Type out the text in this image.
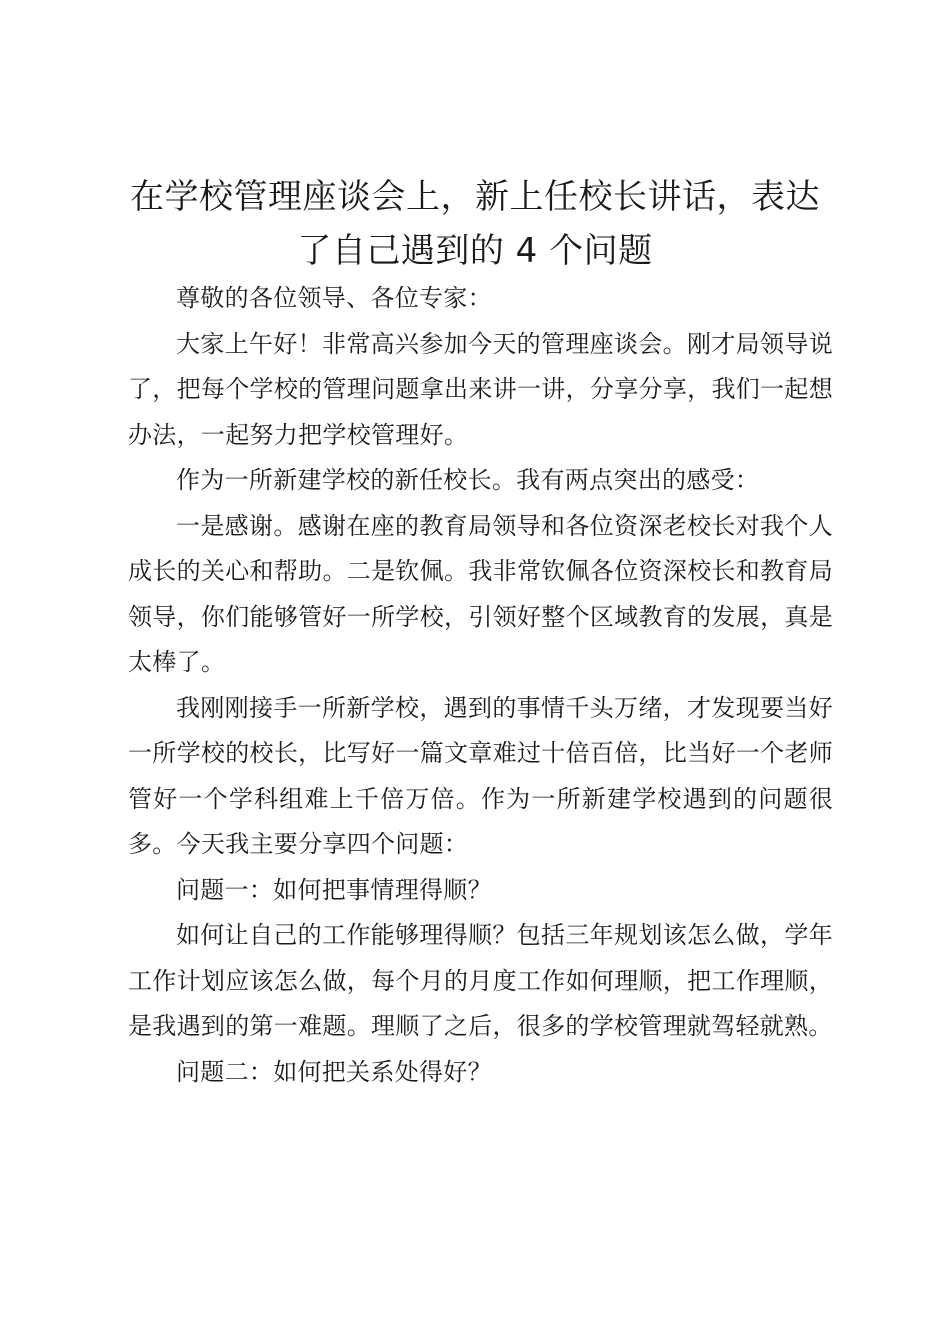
在学校管理座谈会上，新上任校长讲话，表达
了自己遇到的 4 个问题

尊敬的各位领导、各位专家：

大家上午好！非常高兴参加今天的管理座谈会。刚才局领导说了，把每个学校的管理问题拿出来讲一讲，分享分享，我们一起想办法，一起努力把学校管理好。

作为一所新建学校的新任校长。我有两点突出的感受：

一是感谢。感谢在座的教育局领导和各位资深老校长对我个人成长的关心和帮助。二是钦佩。我非常钦佩各位资深校长和教育局领导，你们能够管好一所学校，引领好整个区域教育的发展，真是太棒了。

我刚刚接手一所新学校，遇到的事情千头万绪，才发现要当好一所学校的校长，比写好一篇文章难过十倍百倍，比当好一个老师管好一个学科组难上千倍万倍。作为一所新建学校遇到的问题很多。今天我主要分享四个问题：

问题一：如何把事情理得顺？

如何让自己的工作能够理得顺？包括三年规划该怎么做，学年工作计划应该怎么做，每个月的月度工作如何理顺，把工作理顺，是我遇到的第一难题。理顺了之后，很多的学校管理就驾轻就熟。

问题二：如何把关系处得好？
